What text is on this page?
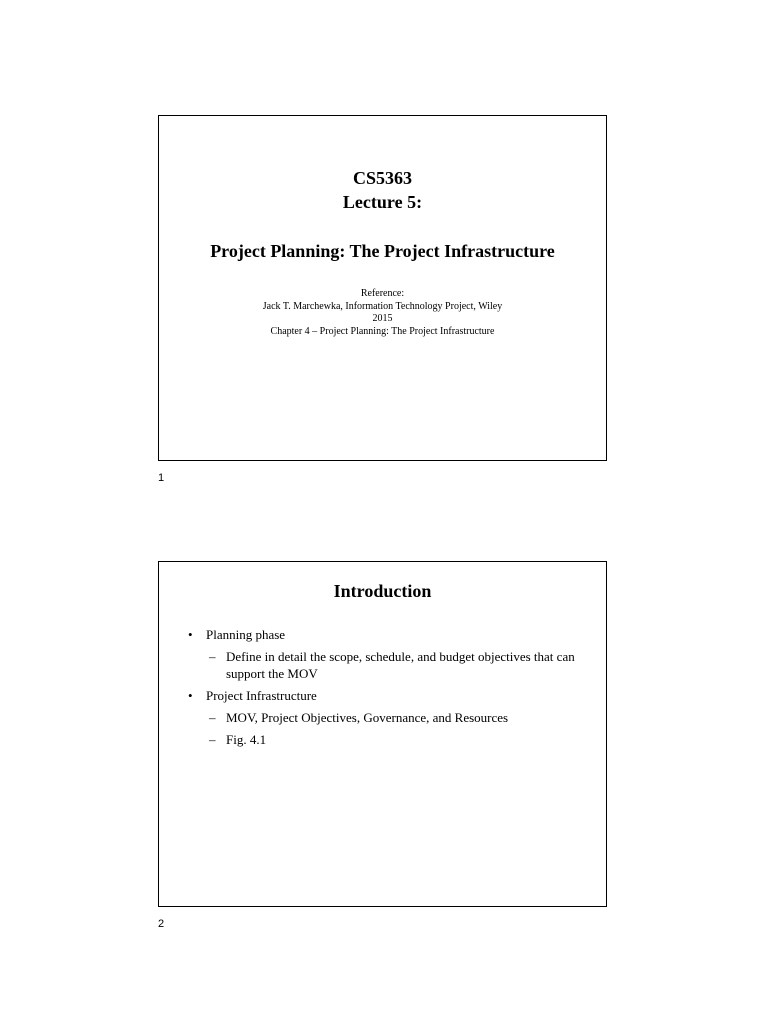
CS5363
Lecture 5:
Project Planning: The Project Infrastructure
Reference:
Jack T. Marchewka, Information Technology Project, Wiley
2015
Chapter 4 – Project Planning: The Project Infrastructure
1
Introduction
• Planning phase
– Define in detail the scope, schedule, and budget objectives that can support the MOV
• Project Infrastructure
– MOV, Project Objectives, Governance, and Resources
– Fig. 4.1
2
